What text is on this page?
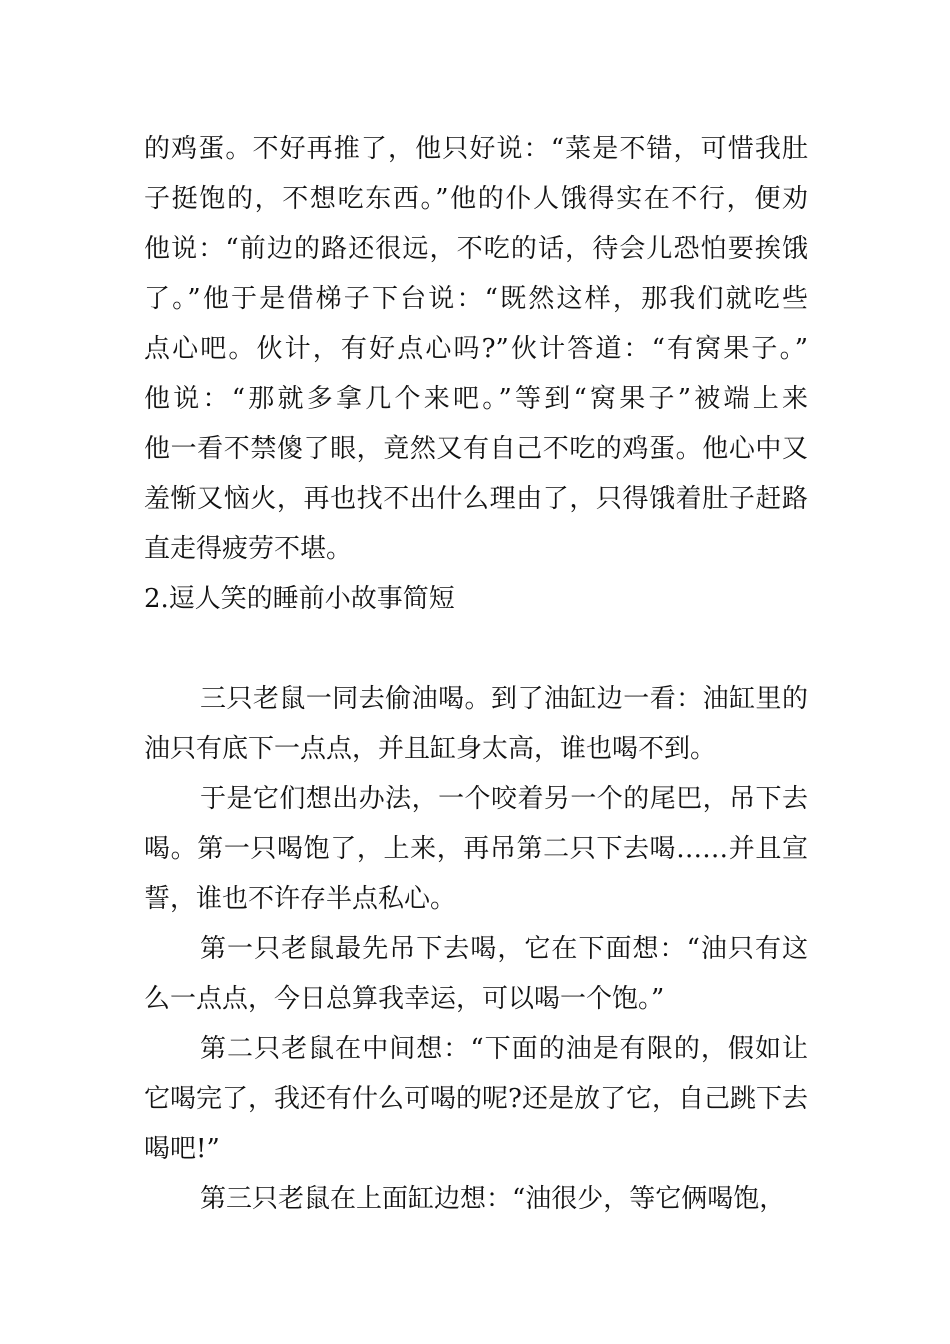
的鸡蛋。不好再推了，他只好说：“菜是不错，可惜我肚
子挺饱的，不想吃东西。”他的仆人饿得实在不行，便劝
他说：“前边的路还很远，不吃的话，待会儿恐怕要挨饿
了。”他于是借梯子下台说：“既然这样，那我们就吃些
点心吧。伙计，有好点心吗?”伙计答道：“有窝果子。”
他说：“那就多拿几个来吧。”等到“窝果子”被端上来
他一看不禁傻了眼，竟然又有自己不吃的鸡蛋。他心中又
羞惭又恼火，再也找不出什么理由了，只得饿着肚子赶路
直走得疲劳不堪。
2.逗人笑的睡前小故事简短
三只老鼠一同去偷油喝。到了油缸边一看：油缸里的
油只有底下一点点，并且缸身太高，谁也喝不到。
于是它们想出办法，一个咬着另一个的尾巴，吊下去
喝。第一只喝饱了，上来，再吊第二只下去喝……并且宣
誓，谁也不许存半点私心。
第一只老鼠最先吊下去喝，它在下面想：“油只有这
么一点点，今日总算我幸运，可以喝一个饱。”
第二只老鼠在中间想：“下面的油是有限的，假如让
它喝完了，我还有什么可喝的呢?还是放了它，自己跳下去
喝吧!”
第三只老鼠在上面缸边想：“油很少，等它俩喝饱，
